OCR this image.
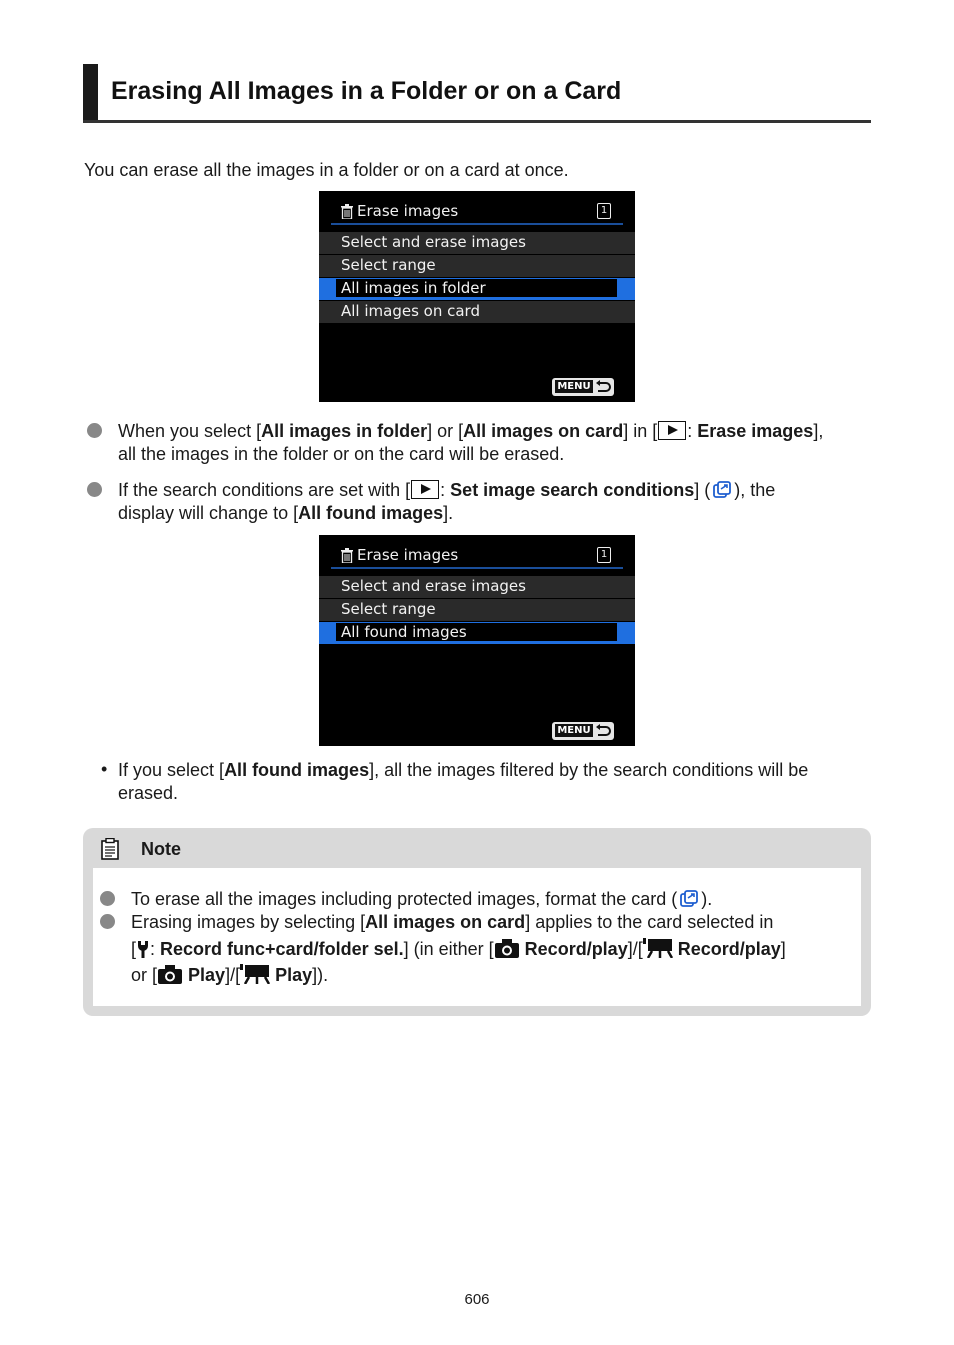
Erasing All Images in a Folder or on a Card
You can erase all the images in a folder or on a card at once.
Erase images	1
Select and erase images
Select range
All images in folder
All images on card
MENU
When you select [All images in folder] or [All images on card] in [ : Erase images],
all the images in the folder or on the card will be erased.
If the search conditions are set with [ : Set image search conditions] ( ), the
display will change to [All found images].
Erase images	1
Select and erase images
Select range
All found images
MENU
• If you select [All found images], all the images filtered by the search conditions will be
erased.
Note
To erase all the images including protected images, format the card ( ).
Erasing images by selecting [All images on card] applies to the card selected in
[ : Record func+card/folder sel.] (in either [ Record/play]/[ Record/play]
or [ Play]/[ Play]).
606
